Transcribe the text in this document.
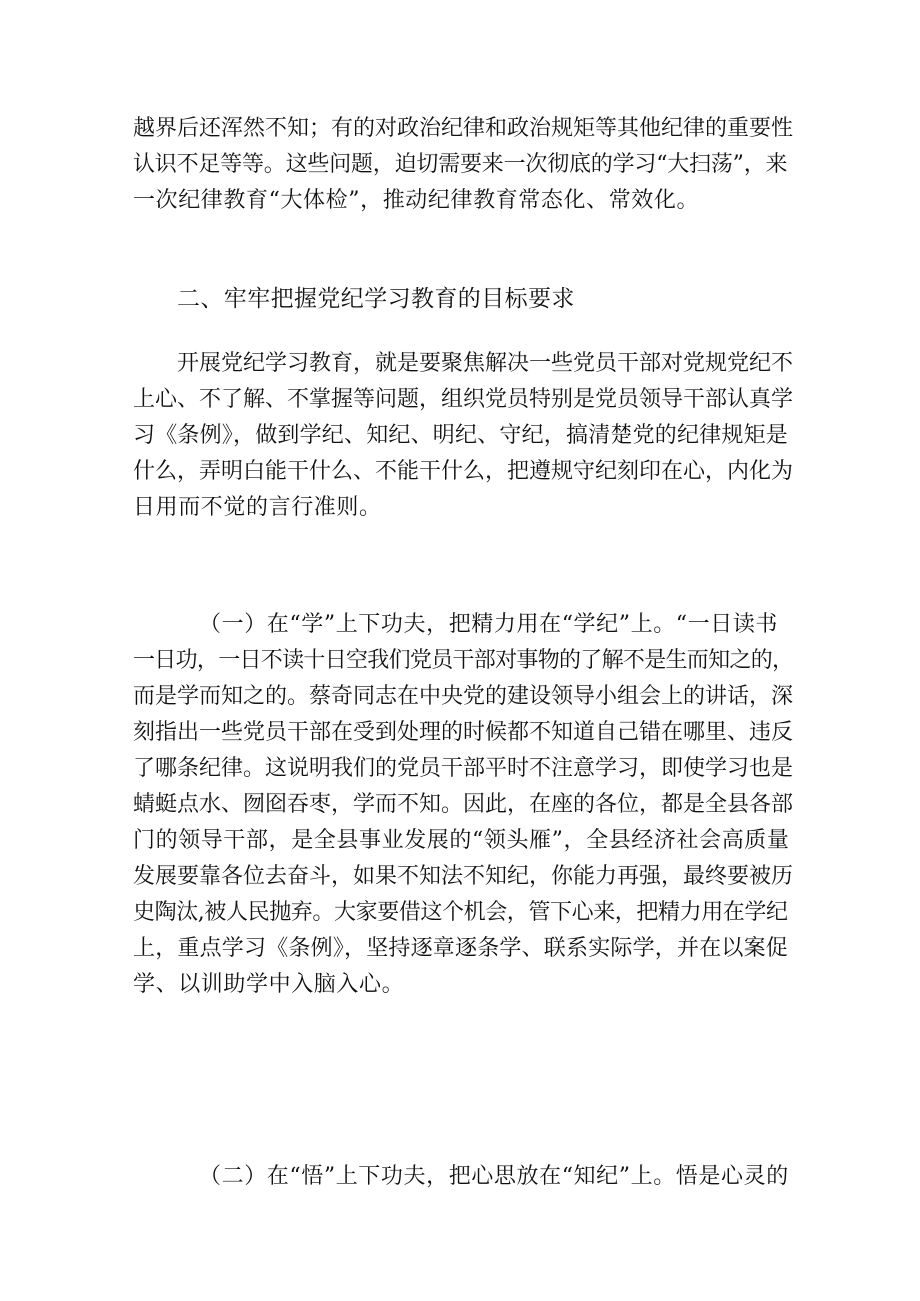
越界后还浑然不知；有的对政治纪律和政治规矩等其他纪律的重要性
认识不足等等。这些问题，迫切需要来一次彻底的学习“大扫荡”，来
一次纪律教育“大体检”，推动纪律教育常态化、常效化。
二、牢牢把握党纪学习教育的目标要求
开展党纪学习教育，就是要聚焦解决一些党员干部对党规党纪不
上心、不了解、不掌握等问题，组织党员特别是党员领导干部认真学
习《条例》，做到学纪、知纪、明纪、守纪，搞清楚党的纪律规矩是
什么，弄明白能干什么、不能干什么，把遵规守纪刻印在心，内化为
日用而不觉的言行准则。
（一）在“学”上下功夫，把精力用在“学纪”上。“一日读书
一日功，一日不读十日空我们党员干部对事物的了解不是生而知之的，
而是学而知之的。蔡奇同志在中央党的建设领导小组会上的讲话，深
刻指出一些党员干部在受到处理的时候都不知道自己错在哪里、违反
了哪条纪律。这说明我们的党员干部平时不注意学习，即使学习也是
蜻蜓点水、囫囵吞枣，学而不知。因此，在座的各位，都是全县各部
门的领导干部，是全县事业发展的“领头雁”，全县经济社会高质量
发展要靠各位去奋斗，如果不知法不知纪，你能力再强，最终要被历
史陶汰,被人民抛弃。大家要借这个机会，管下心来，把精力用在学纪
上，重点学习《条例》，坚持逐章逐条学、联系实际学，并在以案促
学、以训助学中入脑入心。
（二）在“悟”上下功夫，把心思放在“知纪”上。悟是心灵的
